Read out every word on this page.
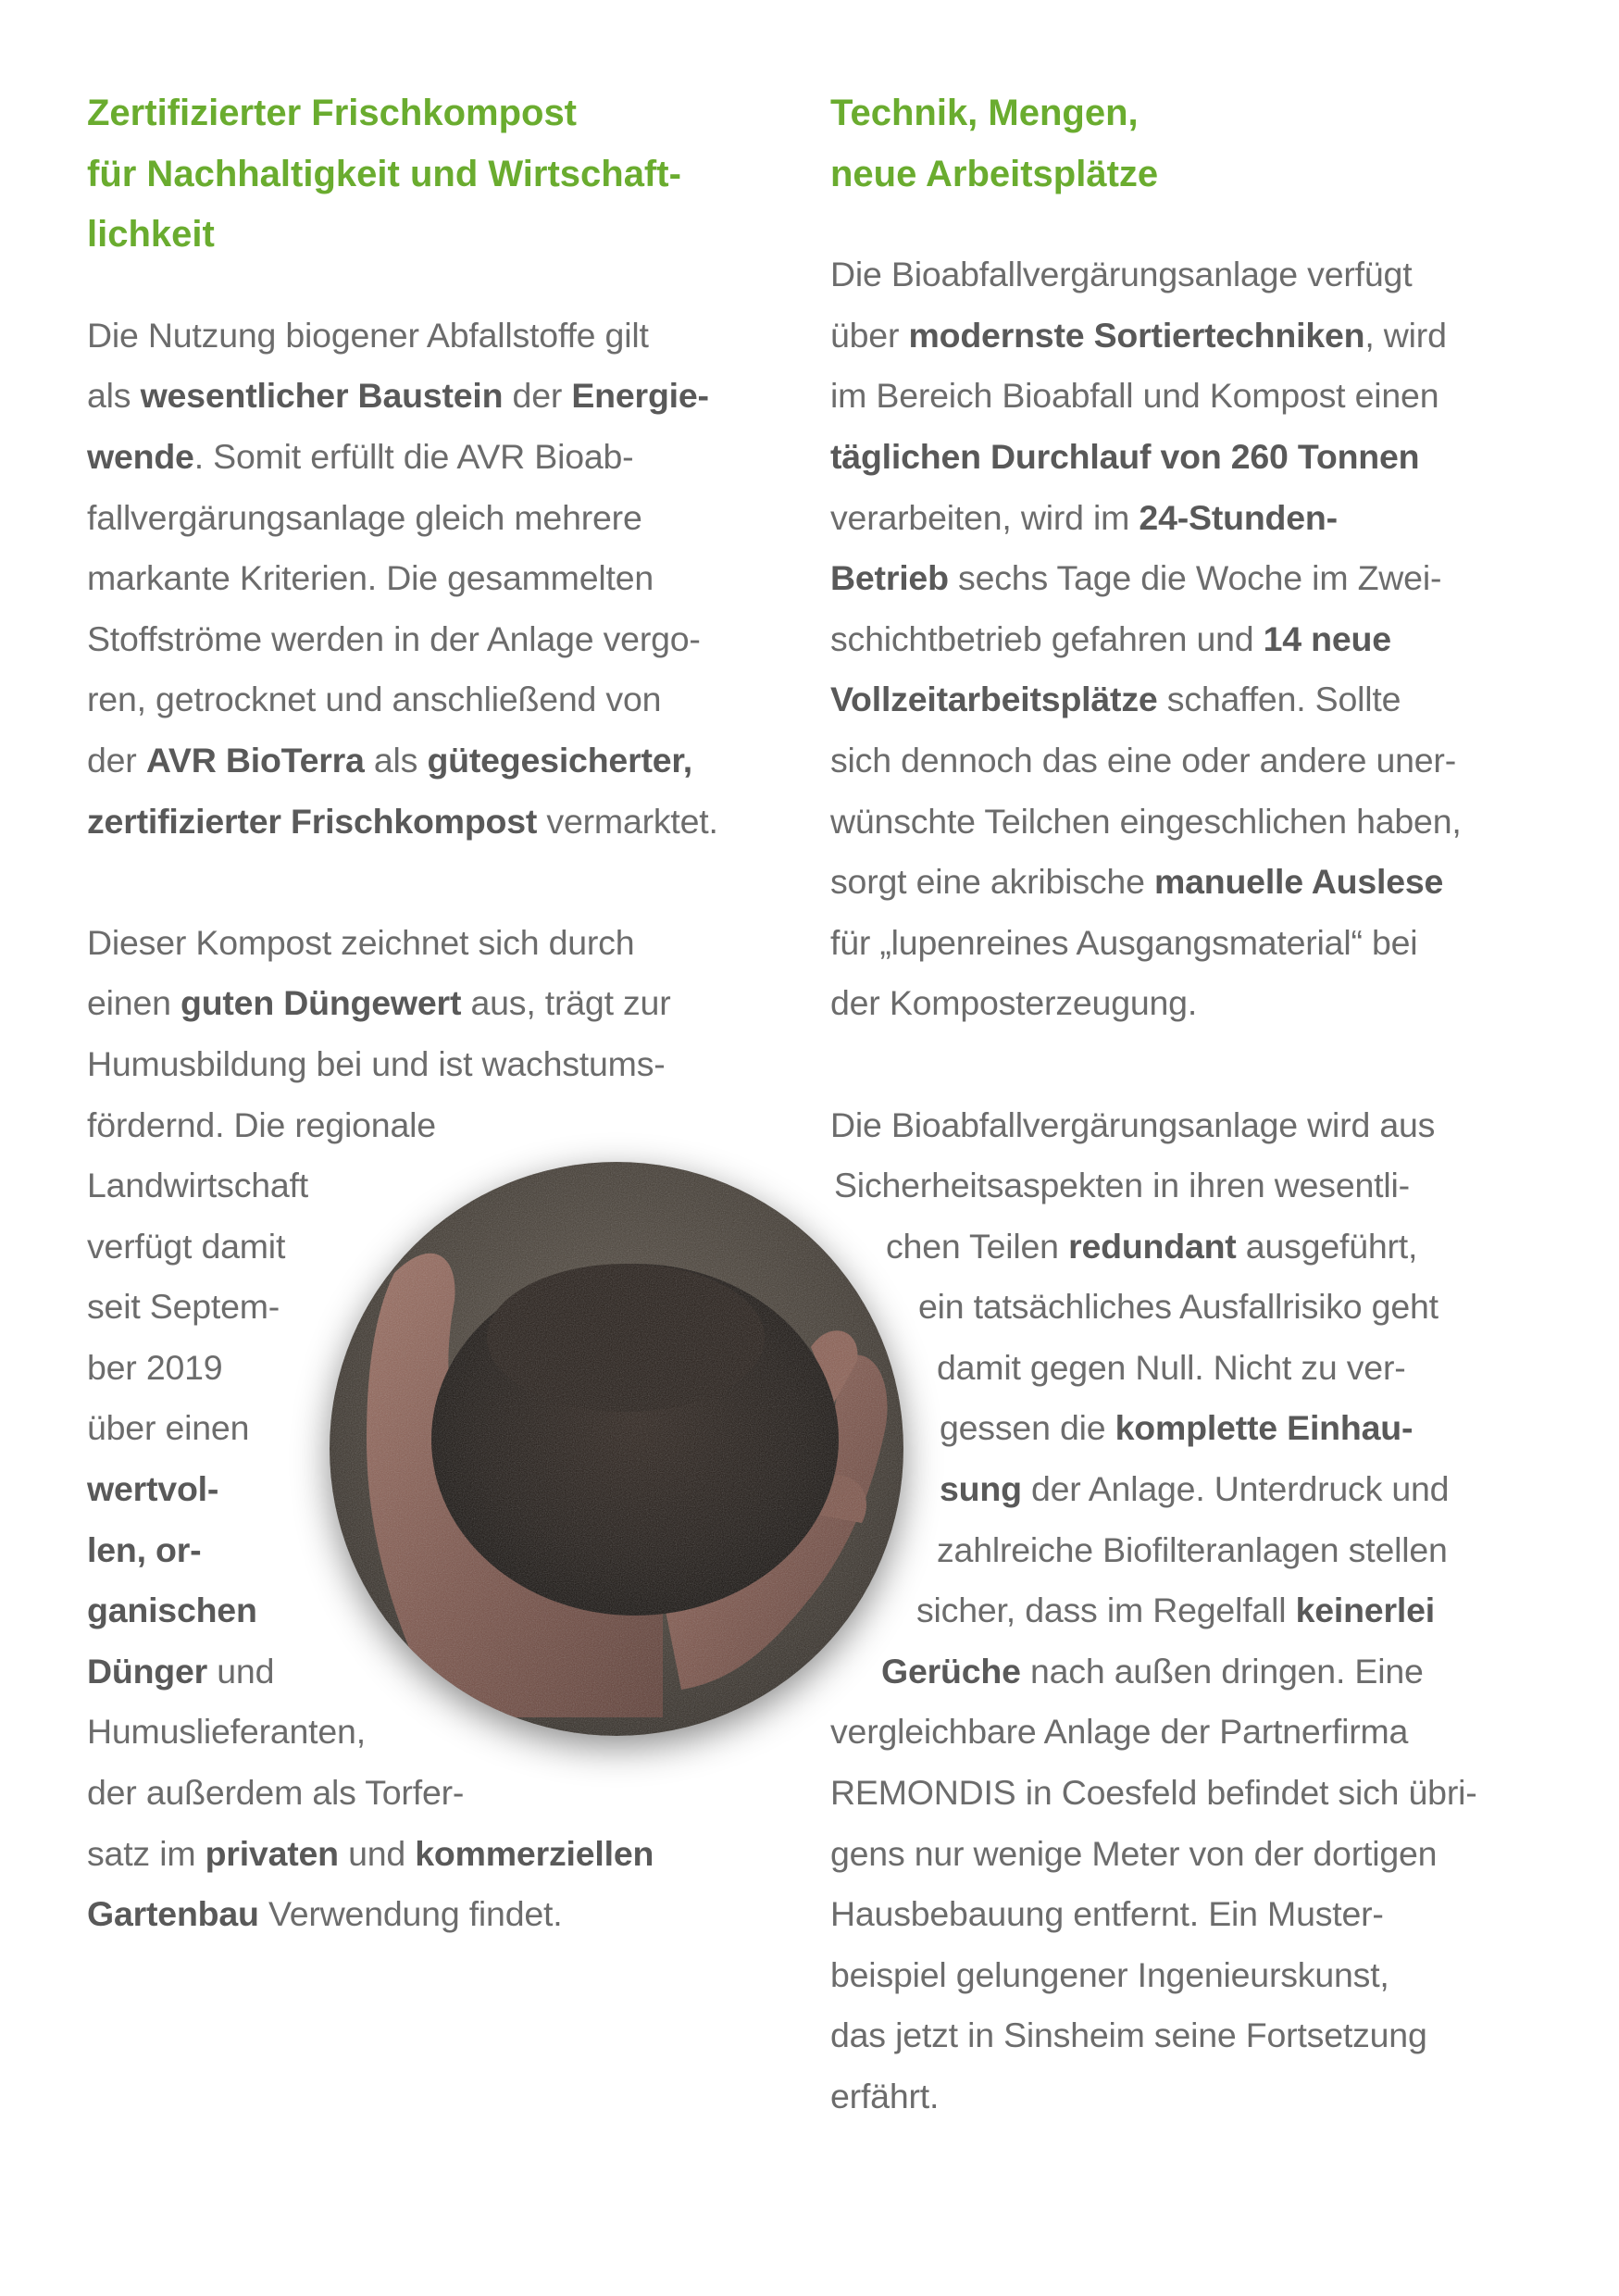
Zertifizierter Frischkompost
für Nachhaltigkeit und Wirtschaft-
lichkeit
Die Nutzung biogener Abfallstoffe gilt
als wesentlicher Baustein der Energie-
wende. Somit erfüllt die AVR Bioab-
fallvergärungsanlage gleich mehrere
markante Kriterien. Die gesammelten
Stoffströme werden in der Anlage vergo-
ren, getrocknet und anschließend von
der AVR BioTerra als gütegesicherter,
zertifizierter Frischkompost vermarktet.
Dieser Kompost zeichnet sich durch
einen guten Düngewert aus, trägt zur
Humusbildung bei und ist wachstums-
fördernd. Die regionale
Landwirtschaft
verfügt damit
seit Septem-
ber 2019
über einen
wertvol-
len, or-
ganischen
Dünger und
Humuslieferanten,
der außerdem als Torfer-
satz im privaten und kommerziellen
Gartenbau Verwendung findet.
Technik, Mengen,
neue Arbeitsplätze
Die Bioabfallvergärungsanlage verfügt
über modernste Sortiertechniken, wird
im Bereich Bioabfall und Kompost einen
täglichen Durchlauf von 260 Tonnen
verarbeiten, wird im 24-Stunden-
Betrieb sechs Tage die Woche im Zwei-
schichtbetrieb gefahren und 14 neue
Vollzeitarbeitsplätze schaffen. Sollte
sich dennoch das eine oder andere uner-
wünschte Teilchen eingeschlichen haben,
sorgt eine akribische manuelle Auslese
für „lupenreines Ausgangsmaterial“ bei
der Komposterzeugung.
Die Bioabfallvergärungsanlage wird aus
Sicherheitsaspekten in ihren wesentli-
chen Teilen redundant ausgeführt,
ein tatsächliches Ausfallrisiko geht
damit gegen Null. Nicht zu ver-
gessen die komplette Einhau-
sung der Anlage. Unterdruck und
zahlreiche Biofilteranlagen stellen
sicher, dass im Regelfall keinerlei
Gerüche nach außen dringen. Eine
vergleichbare Anlage der Partnerfirma
REMONDIS in Coesfeld befindet sich übri-
gens nur wenige Meter von der dortigen
Hausbebauung entfernt. Ein Muster-
beispiel gelungener Ingenieurskunst,
das jetzt in Sinsheim seine Fortsetzung
erfährt.
